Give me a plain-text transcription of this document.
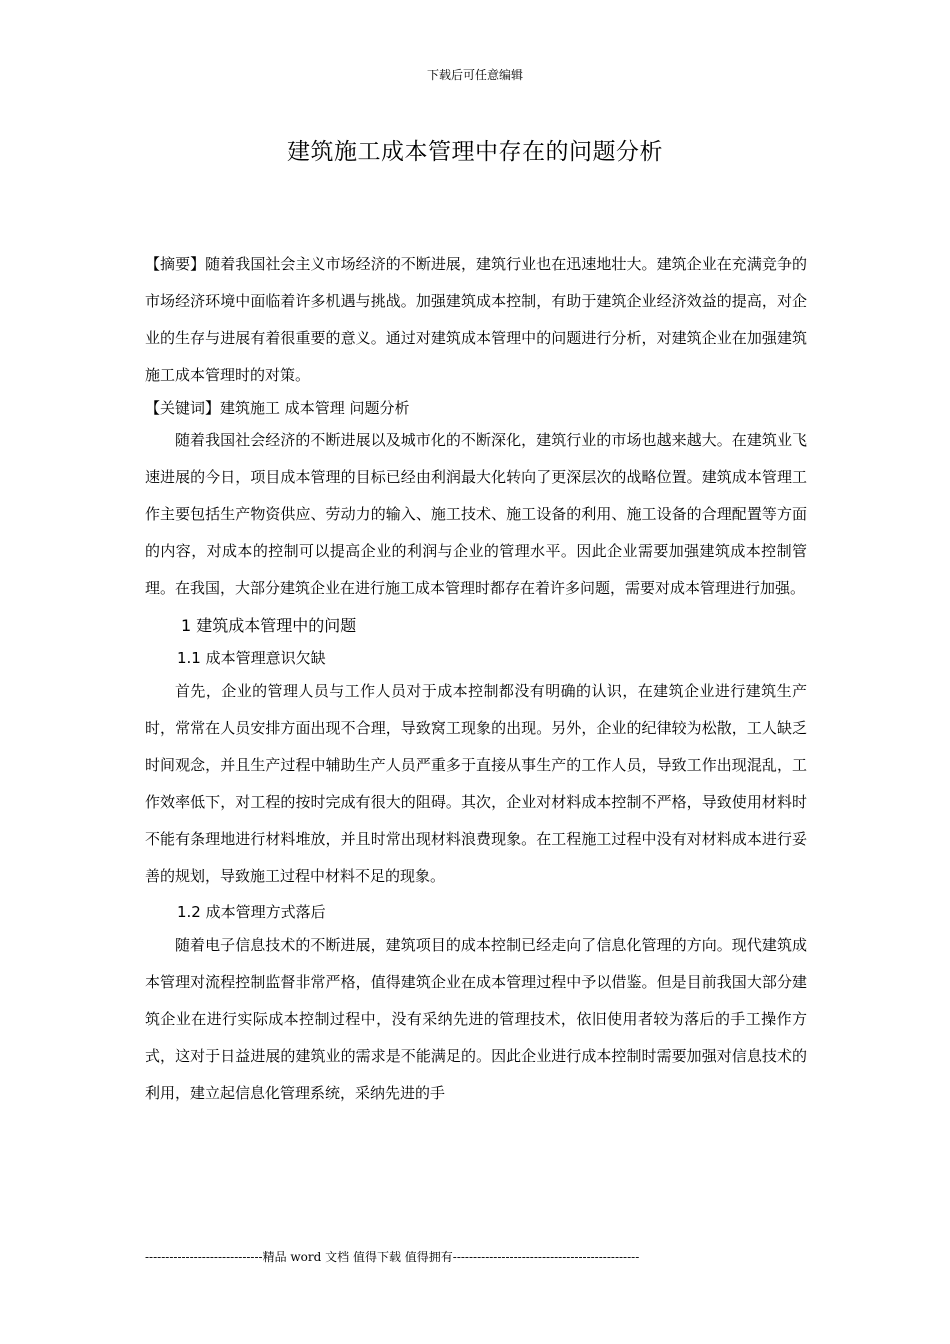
下载后可任意编辑
建筑施工成本管理中存在的问题分析

【摘要】随着我国社会主义市场经济的不断进展，建筑行业也在迅速地壮大。建筑企业在充满竞争的市场经济环境中面临着许多机遇与挑战。加强建筑成本控制，有助于建筑企业经济效益的提高，对企业的生存与进展有着很重要的意义。通过对建筑成本管理中的问题进行分析，对建筑企业在加强建筑施工成本管理时的对策。

【关键词】建筑施工 成本管理 问题分析

随着我国社会经济的不断进展以及城市化的不断深化，建筑行业的市场也越来越大。在建筑业飞速进展的今日，项目成本管理的目标已经由利润最大化转向了更深层次的战略位置。建筑成本管理工作主要包括生产物资供应、劳动力的输入、施工技术、施工设备的利用、施工设备的合理配置等方面的内容，对成本的控制可以提高企业的利润与企业的管理水平。因此企业需要加强建筑成本控制管理。在我国，大部分建筑企业在进行施工成本管理时都存在着许多问题，需要对成本管理进行加强。

1 建筑成本管理中的问题
1.1 成本管理意识欠缺

首先，企业的管理人员与工作人员对于成本控制都没有明确的认识，在建筑企业进行建筑生产时，常常在人员安排方面出现不合理，导致窝工现象的出现。另外，企业的纪律较为松散，工人缺乏时间观念，并且生产过程中辅助生产人员严重多于直接从事生产的工作人员，导致工作出现混乱，工作效率低下，对工程的按时完成有很大的阻碍。其次，企业对材料成本控制不严格，导致使用材料时不能有条理地进行材料堆放，并且时常出现材料浪费现象。在工程施工过程中没有对材料成本进行妥善的规划，导致施工过程中材料不足的现象。

1.2 成本管理方式落后

随着电子信息技术的不断进展，建筑项目的成本控制已经走向了信息化管理的方向。现代建筑成本管理对流程控制监督非常严格，值得建筑企业在成本管理过程中予以借鉴。但是目前我国大部分建筑企业在进行实际成本控制过程中，没有采纳先进的管理技术，依旧使用者较为落后的手工操作方式，这对于日益进展的建筑业的需求是不能满足的。因此企业进行成本控制时需要加强对信息技术的利用，建立起信息化管理系统，采纳先进的手

-----------------------------精品 word 文档 值得下载 值得拥有----------------------------------------------
